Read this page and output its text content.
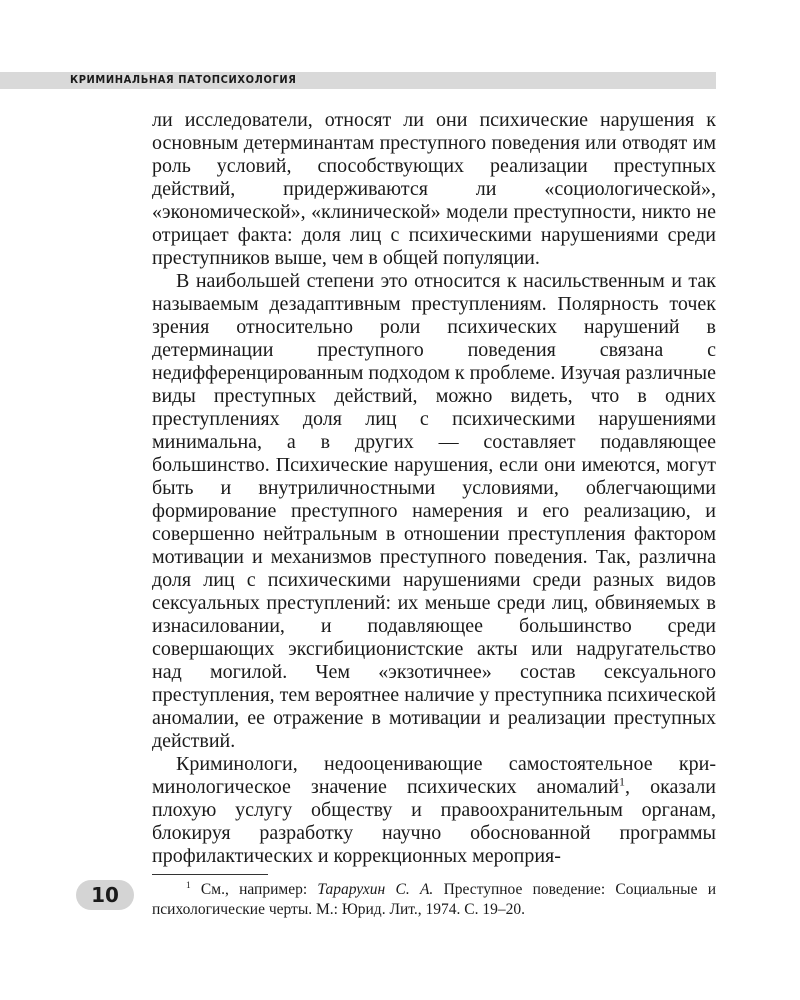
КРИМИНАЛЬНАЯ ПАТОПСИХОЛОГИЯ

ли исследователи, относят ли они психические нарушения к основным детерминантам преступного поведения или отводят им роль условий, способствующих реализации преступных действий, придерживаются ли «социологической», «экономической», «клинической» модели преступности, никто не отрицает факта: доля лиц с психическими нарушениями среди преступников выше, чем в общей популяции.

В наибольшей степени это относится к насильственным и так называемым дезадаптивным преступлениям. Полярность точек зрения относительно роли психических нарушений в детерминации преступного поведения связана с недифференцированным подходом к проблеме. Изучая различные виды преступных действий, можно видеть, что в одних преступлениях доля лиц с психическими нарушениями минимальна, а в других — составляет подавляющее большинство. Психические нарушения, если они имеются, могут быть и внутриличностными условиями, облегчающими формирование преступного намерения и его реализацию, и совершенно нейтральным в отношении преступления фактором мотивации и механизмов преступного поведения. Так, различна доля лиц с психическими нарушениями среди разных видов сексуальных преступлений: их меньше среди лиц, обвиняемых в изнасиловании, и подавляющее большинство среди совершающих эксгибиционистские акты или надругательство над могилой. Чем «экзотичнее» состав сексуального преступления, тем вероятнее наличие у преступника психической аномалии, ее отражение в мотивации и реализации преступных действий.

Криминологи, недооценивающие самостоятельное криминологическое значение психических аномалий$^1$, оказали плохую услугу обществу и правоохранительным органам, блокируя разработку научно обоснованной программы профилактических и коррекционных мероприя-

10	$^1$ См., например: Тарарухин С. А. Преступное поведение: Социальные и психологические черты. М.: Юрид. Лит., 1974. С. 19–20.
